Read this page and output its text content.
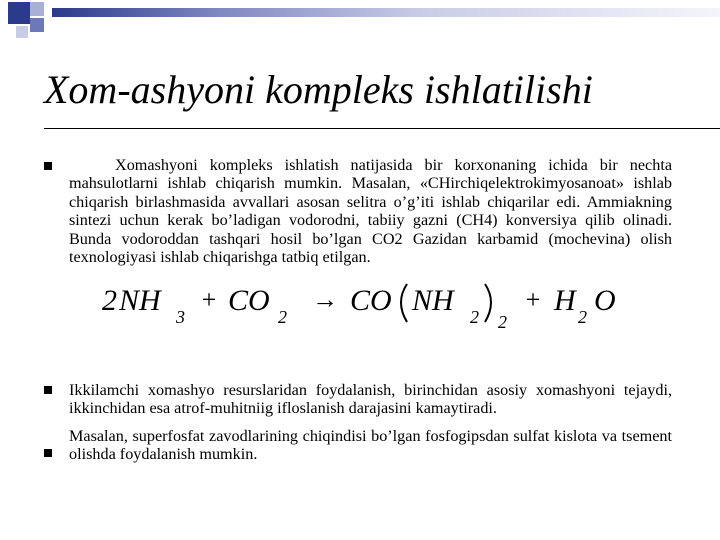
Xom-ashyoni kompleks ishlatilishi
Xomashyoni kompleks ishlatish natijasida bir korxonaning ichida bir nechta mahsulotlarni ishlab chiqarish mumkin. Masalan, «CHirchiqelektrokimyosanoat» ishlab chiqarish birlashmasida avvallari asosan selitra o’g’iti ishlab chiqarilar edi. Ammiakning sintezi uchun kerak bo’ladigan vodorodni, tabiiy gazni (CH4) konversiya qilib olinadi. Bunda vodoroddan tashqari hosil bo’lgan CO2 Gazidan karbamid (mochevina) olish texnologiyasi ishlab chiqarishga tatbiq etilgan.
2 NH 3
+ CO 2
→ CO NH 2 2
+ H 2 O
Ikkilamchi xomashyo resurslaridan foydalanish, birinchidan asosiy xomashyoni tejaydi, ikkinchidan esa atrof-muhitniig ifloslanish darajasini kamaytiradi.
Masalan, superfosfat zavodlarining chiqindisi bo’lgan fosfogipsdan sulfat kislota va tsement olishda foydalanish mumkin.
